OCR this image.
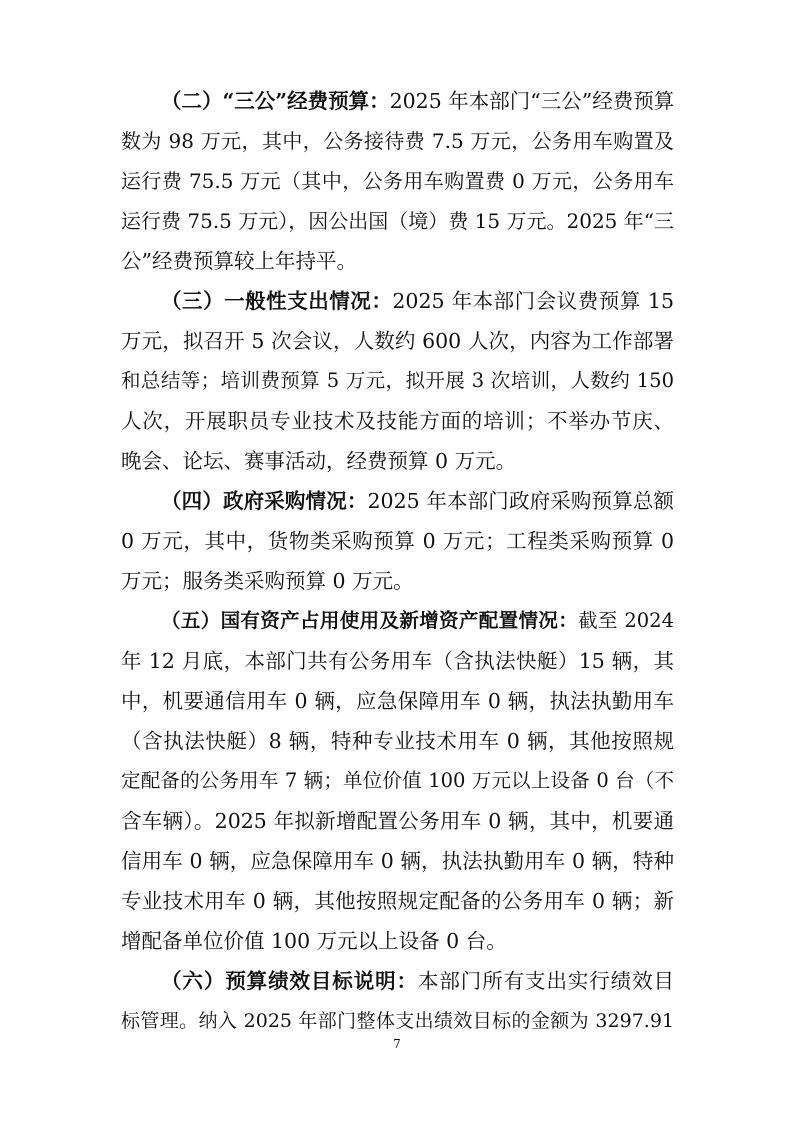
（二）“三公”经费预算：2025 年本部门“三公”经费预算
数为 98 万元，其中，公务接待费 7.5 万元，公务用车购置及
运行费 75.5 万元（其中，公务用车购置费 0 万元，公务用车
运行费 75.5 万元），因公出国（境）费 15 万元。2025 年“三
公”经费预算较上年持平。
（三）一般性支出情况：2025 年本部门会议费预算 15
万元，拟召开 5 次会议，人数约 600 人次，内容为工作部署
和总结等；培训费预算 5 万元，拟开展 3 次培训，人数约 150
人次，开展职员专业技术及技能方面的培训；不举办节庆、
晚会、论坛、赛事活动，经费预算 0 万元。
（四）政府采购情况：2025 年本部门政府采购预算总额
0 万元，其中，货物类采购预算 0 万元；工程类采购预算 0
万元；服务类采购预算 0 万元。
（五）国有资产占用使用及新增资产配置情况：截至 2024
年 12 月底，本部门共有公务用车（含执法快艇）15 辆，其
中，机要通信用车 0 辆，应急保障用车 0 辆，执法执勤用车
（含执法快艇）8 辆，特种专业技术用车 0 辆，其他按照规
定配备的公务用车 7 辆；单位价值 100 万元以上设备 0 台（不
含车辆）。2025 年拟新增配置公务用车 0 辆，其中，机要通
信用车 0 辆，应急保障用车 0 辆，执法执勤用车 0 辆，特种
专业技术用车 0 辆，其他按照规定配备的公务用车 0 辆；新
增配备单位价值 100 万元以上设备 0 台。
（六）预算绩效目标说明：本部门所有支出实行绩效目
标管理。纳入 2025 年部门整体支出绩效目标的金额为 3297.91
7
